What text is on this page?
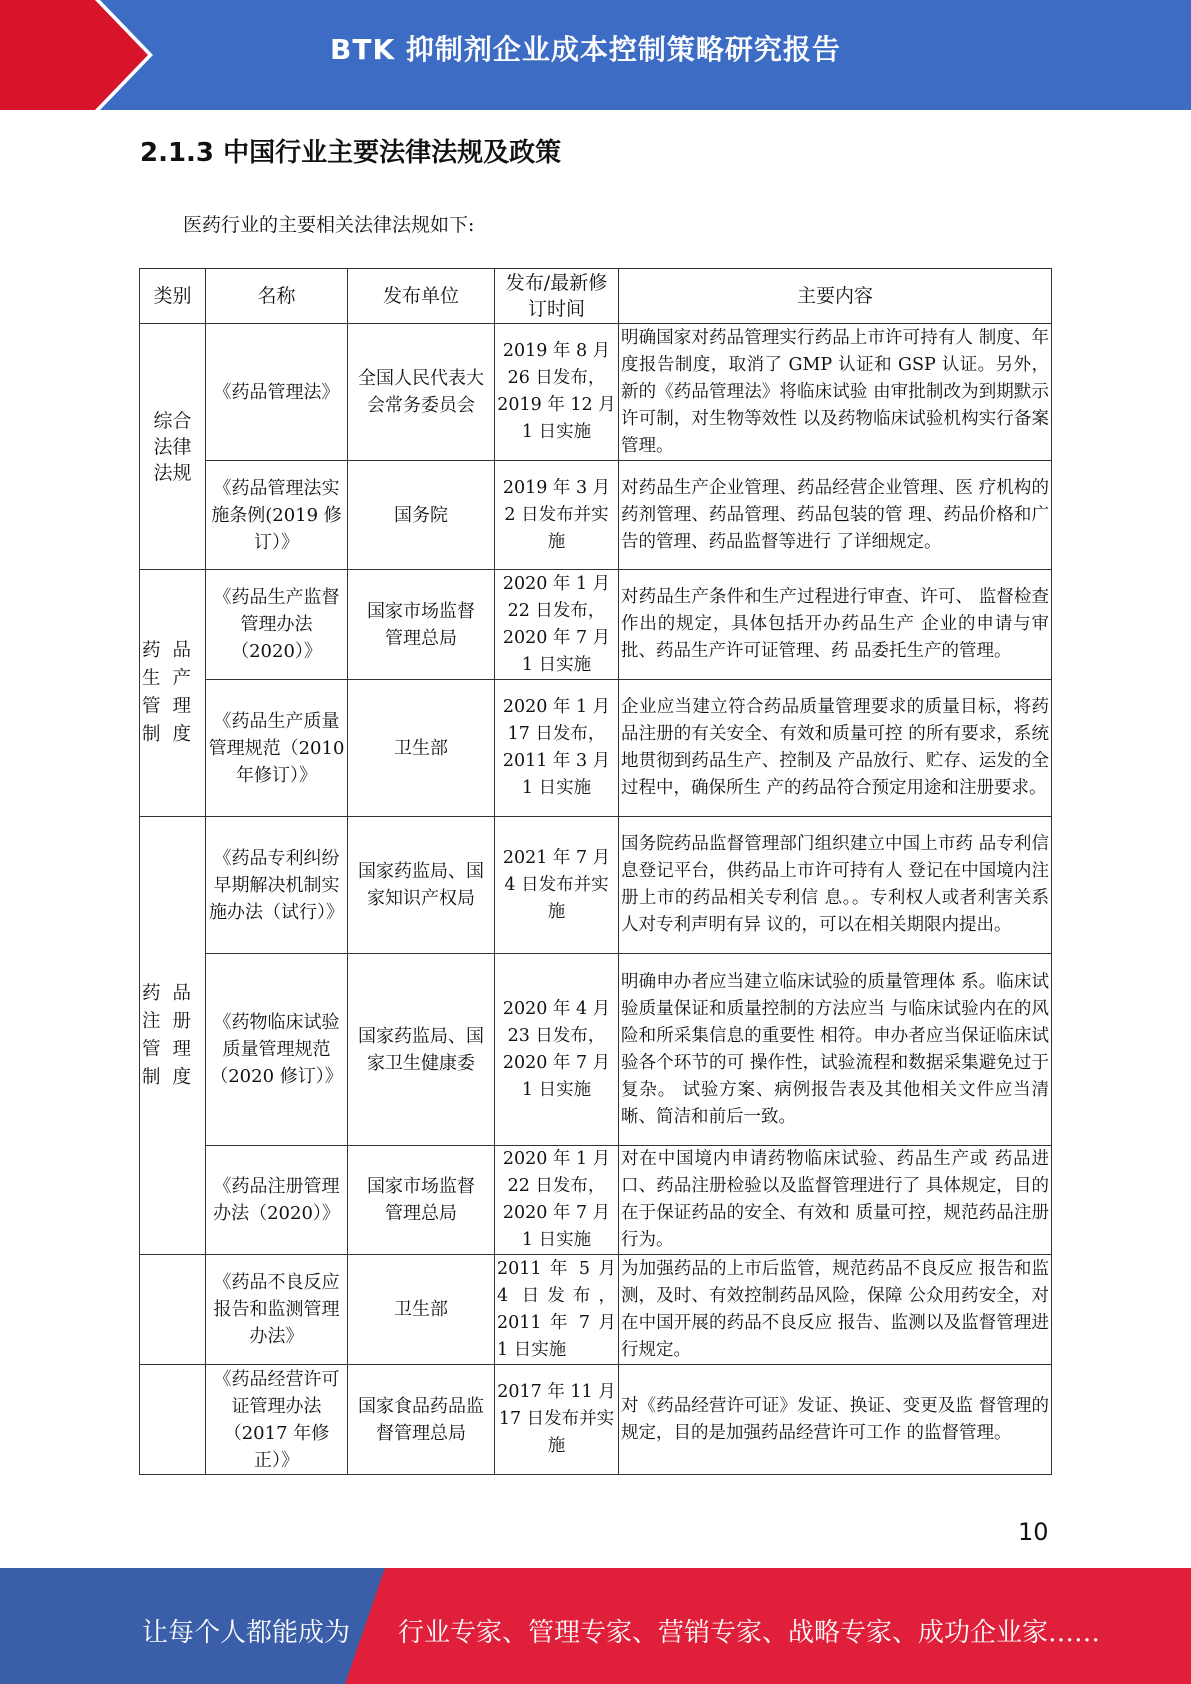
BTK 抑制剂企业成本控制策略研究报告
2.1.3 中国行业主要法律法规及政策
医药行业的主要相关法律法规如下:
类别	名称	发布单位	发布/最新修订时间	主要内容
综合法律法规	《药品管理法》	全国人民代表大会常务委员会	2019 年 8 月 26 日发布，2019 年 12 月 1 日实施	明确国家对药品管理实行药品上市许可持有人 制度、年度报告制度，取消了 GMP 认证和 GSP 认证。另外，新的《药品管理法》将临床试验 由审批制改为到期默示许可制，对生物等效性 以及药物临床试验机构实行备案管理。
	《药品管理法实施条例(2019 修订）》	国务院	2019 年 3 月 2 日发布并实施	对药品生产企业管理、药品经营企业管理、医 疗机构的药剂管理、药品管理、药品包装的管 理、药品价格和广告的管理、药品监督等进行 了详细规定。
药品生产管理制度	《药品生产监督管理办法（2020）》	国家市场监督管理总局	2020 年 1 月 22 日发布，2020 年 7 月 1 日实施	对药品生产条件和生产过程进行审查、许可、 监督检查作出的规定，具体包括开办药品生产 企业的申请与审批、药品生产许可证管理、药 品委托生产的管理。
	《药品生产质量管理规范（2010 年修订）》	卫生部	2020 年 1 月 17 日发布，2011 年 3 月 1 日实施	企业应当建立符合药品质量管理要求的质量目标，将药品注册的有关安全、有效和质量可控 的所有要求，系统地贯彻到药品生产、控制及 产品放行、贮存、运发的全过程中，确保所生 产的药品符合预定用途和注册要求。
药品注册管理制度	《药品专利纠纷早期解决机制实施办法（试行）》	国家药监局、国家知识产权局	2021 年 7 月 4 日发布并实施	国务院药品监督管理部门组织建立中国上市药 品专利信息登记平台，供药品上市许可持有人 登记在中国境内注册上市的药品相关专利信 息。。专利权人或者利害关系人对专利声明有异 议的，可以在相关期限内提出。
	《药物临床试验质量管理规范（2020 修订）》	国家药监局、国家卫生健康委	2020 年 4 月 23 日发布，2020 年 7 月 1 日实施	明确申办者应当建立临床试验的质量管理体 系。临床试验质量保证和质量控制的方法应当 与临床试验内在的风险和所采集信息的重要性 相符。申办者应当保证临床试验各个环节的可 操作性，试验流程和数据采集避免过于复杂。 试验方案、病例报告表及其他相关文件应当清 晰、简洁和前后一致。
	《药品注册管理办法（2020）》	国家市场监督管理总局	2020 年 1 月 22 日发布，2020 年 7 月 1 日实施	对在中国境内申请药物临床试验、药品生产或 药品进口、药品注册检验以及监督管理进行了 具体规定，目的在于保证药品的安全、有效和 质量可控，规范药品注册行为。
	《药品不良反应报告和监测管理办法》	卫生部	2011 年 5 月 4 日发布，2011 年 7 月 1 日实施	为加强药品的上市后监管，规范药品不良反应 报告和监测，及时、有效控制药品风险，保障 公众用药安全，对在中国开展的药品不良反应 报告、监测以及监督管理进行规定。
	《药品经营许可证管理办法（2017 年修正）》	国家食品药品监督管理总局	2017 年 11 月 17 日发布并实施	对《药品经营许可证》发证、换证、变更及监 督管理的规定，目的是加强药品经营许可工作 的监督管理。
10
让每个人都能成为 行业专家、管理专家、营销专家、战略专家、成功企业家……
